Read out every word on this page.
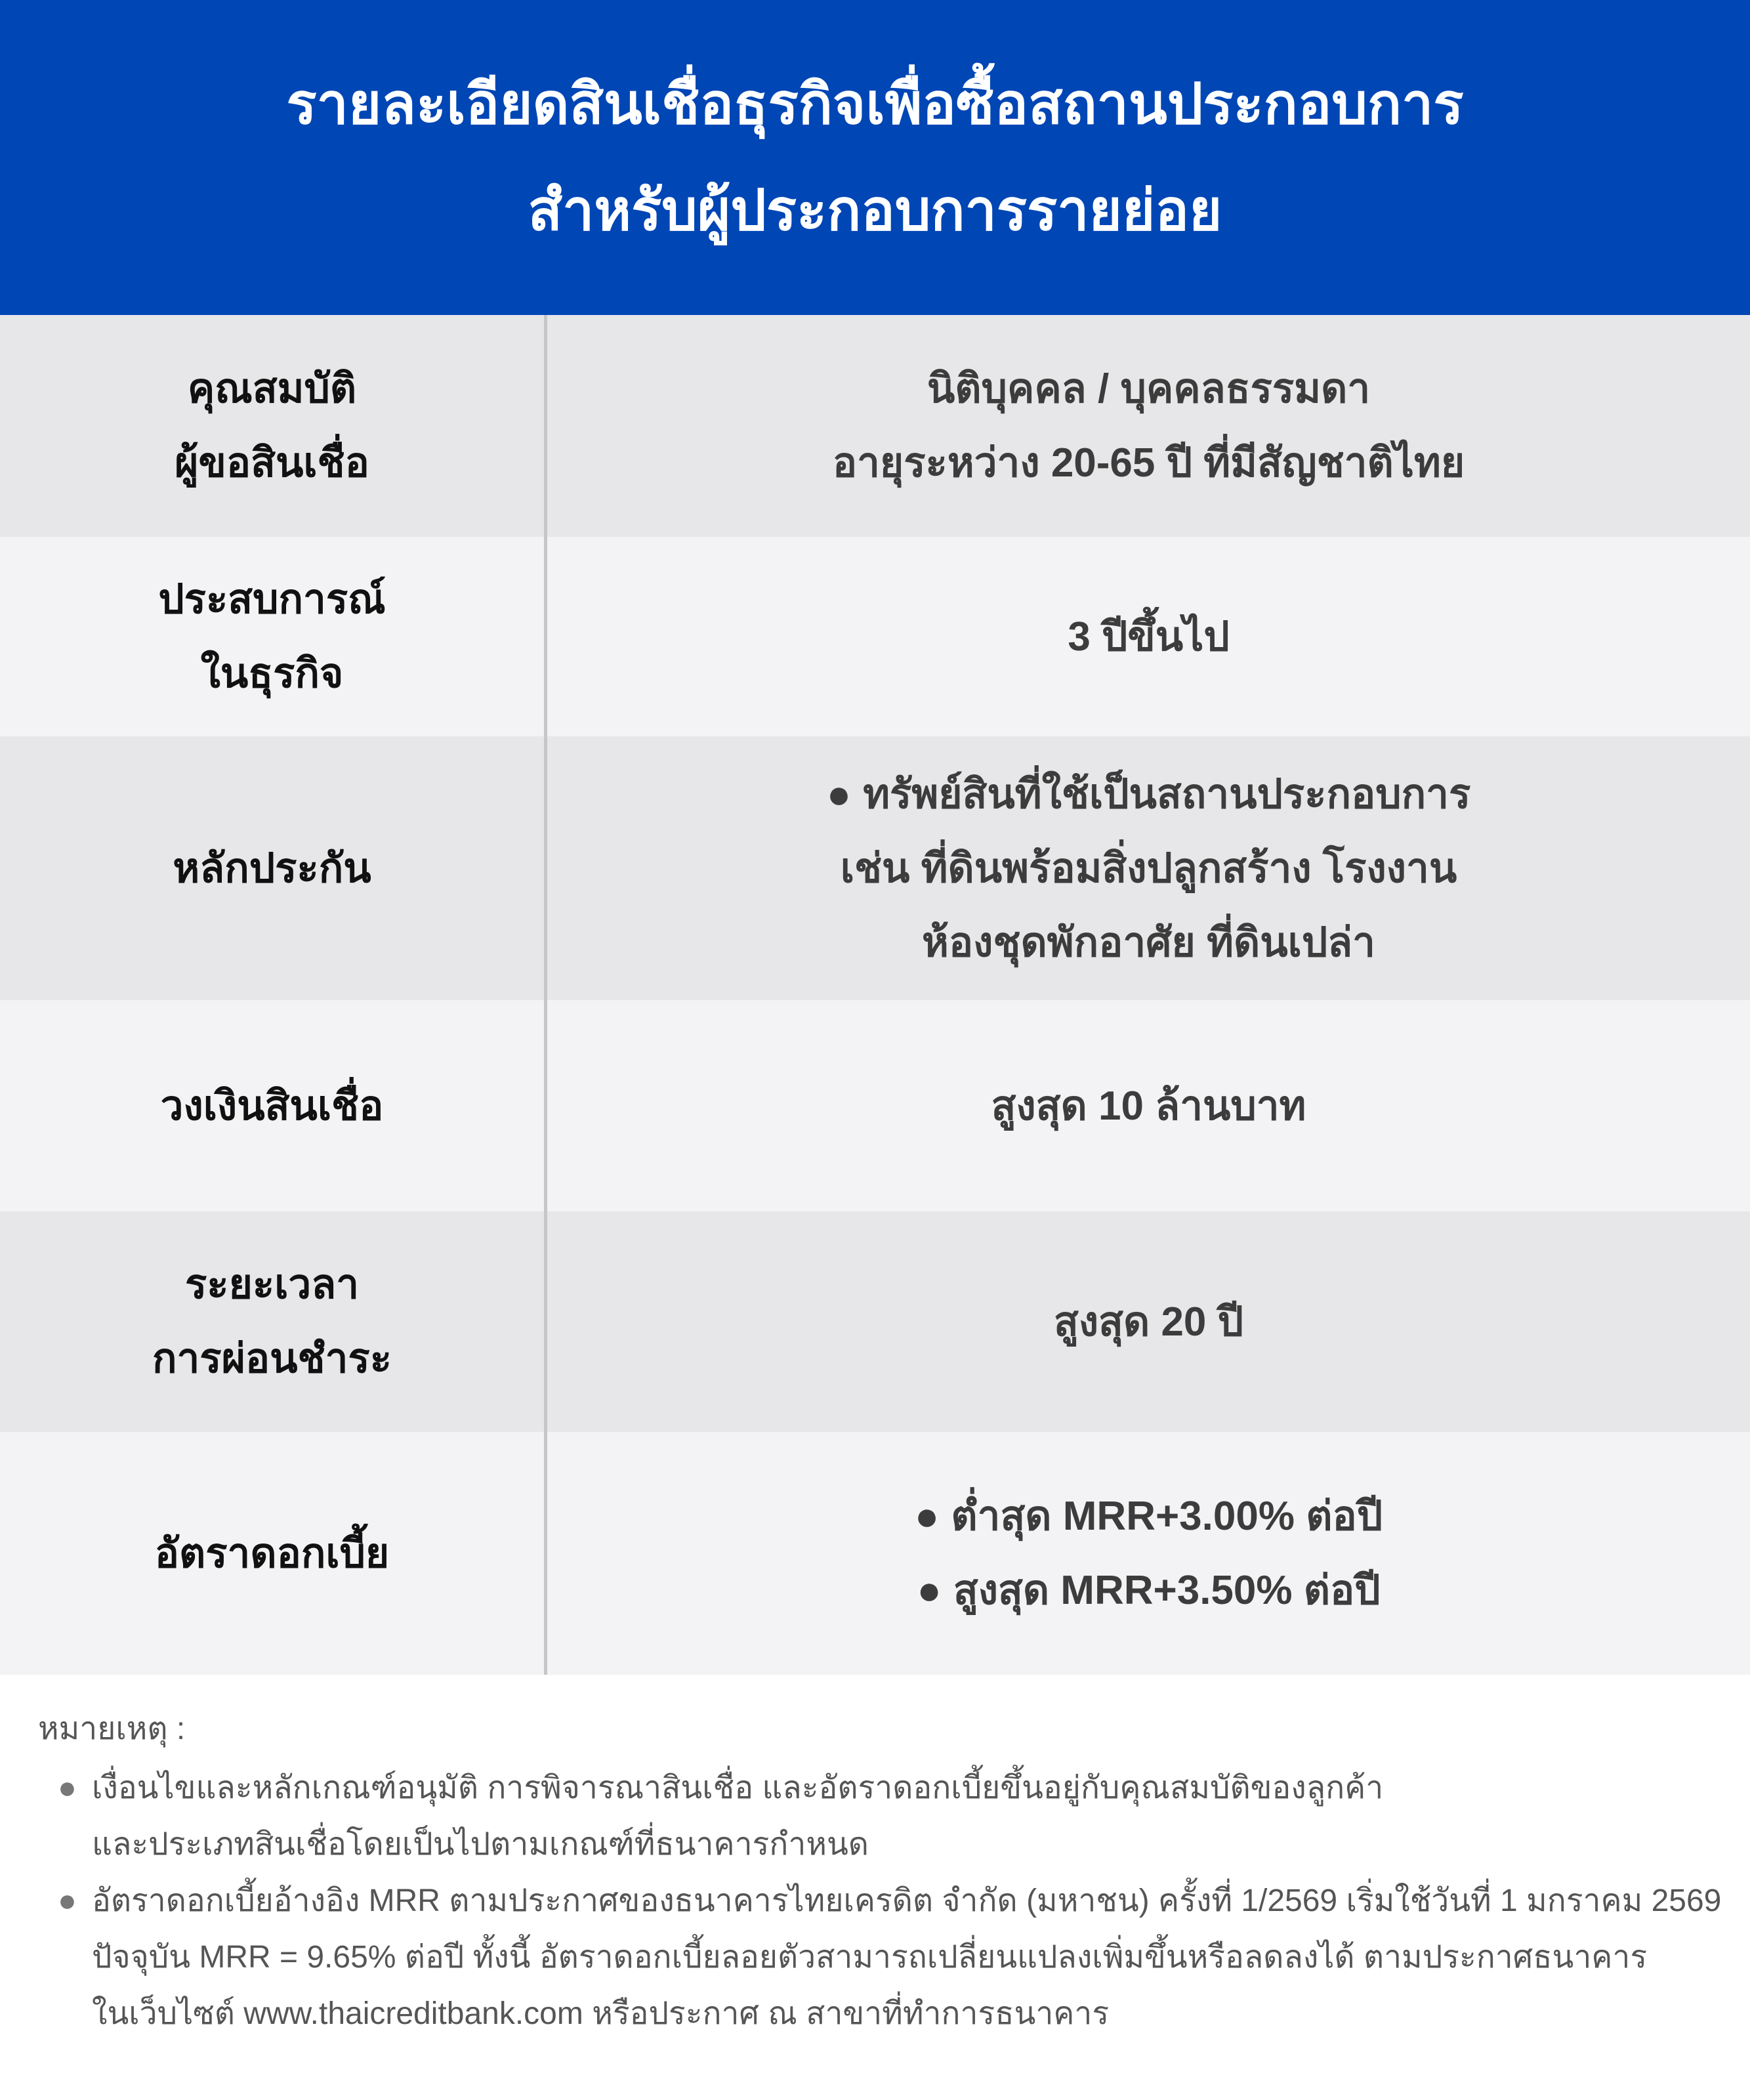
รายละเอียดสินเชื่อธุรกิจเพื่อซื้อสถานประกอบการ
สำหรับผู้ประกอบการรายย่อย
คุณสมบัติ
ผู้ขอสินเชื่อ
นิติบุคคล / บุคคลธรรมดา
อายุระหว่าง 20-65 ปี ที่มีสัญชาติไทย
ประสบการณ์
ในธุรกิจ
3 ปีขึ้นไป
หลักประกัน
● ทรัพย์สินที่ใช้เป็นสถานประกอบการ
เช่น ที่ดินพร้อมสิ่งปลูกสร้าง โรงงาน
ห้องชุดพักอาศัย ที่ดินเปล่า
วงเงินสินเชื่อ	สูงสุด 10 ล้านบาท
ระยะเวลา
การผ่อนชำระ
สูงสุด 20 ปี
อัตราดอกเบี้ย
● ต่ำสุด MRR+3.00% ต่อปี
● สูงสุด MRR+3.50% ต่อปี
หมายเหตุ :
● เงื่อนไขและหลักเกณฑ์อนุมัติ การพิจารณาสินเชื่อ และอัตราดอกเบี้ยขึ้นอยู่กับคุณสมบัติของลูกค้า
และประเภทสินเชื่อโดยเป็นไปตามเกณฑ์ที่ธนาคารกำหนด
● อัตราดอกเบี้ยอ้างอิง MRR ตามประกาศของธนาคารไทยเครดิต จำกัด (มหาชน) ครั้งที่ 1/2569 เริ่มใช้วันที่ 1 มกราคม 2569
ปัจจุบัน MRR = 9.65% ต่อปี ทั้งนี้ อัตราดอกเบี้ยลอยตัวสามารถเปลี่ยนแปลงเพิ่มขึ้นหรือลดลงได้ ตามประกาศธนาคาร
ในเว็บไซต์ www.thaicreditbank.com หรือประกาศ ณ สาขาที่ทำการธนาคาร
